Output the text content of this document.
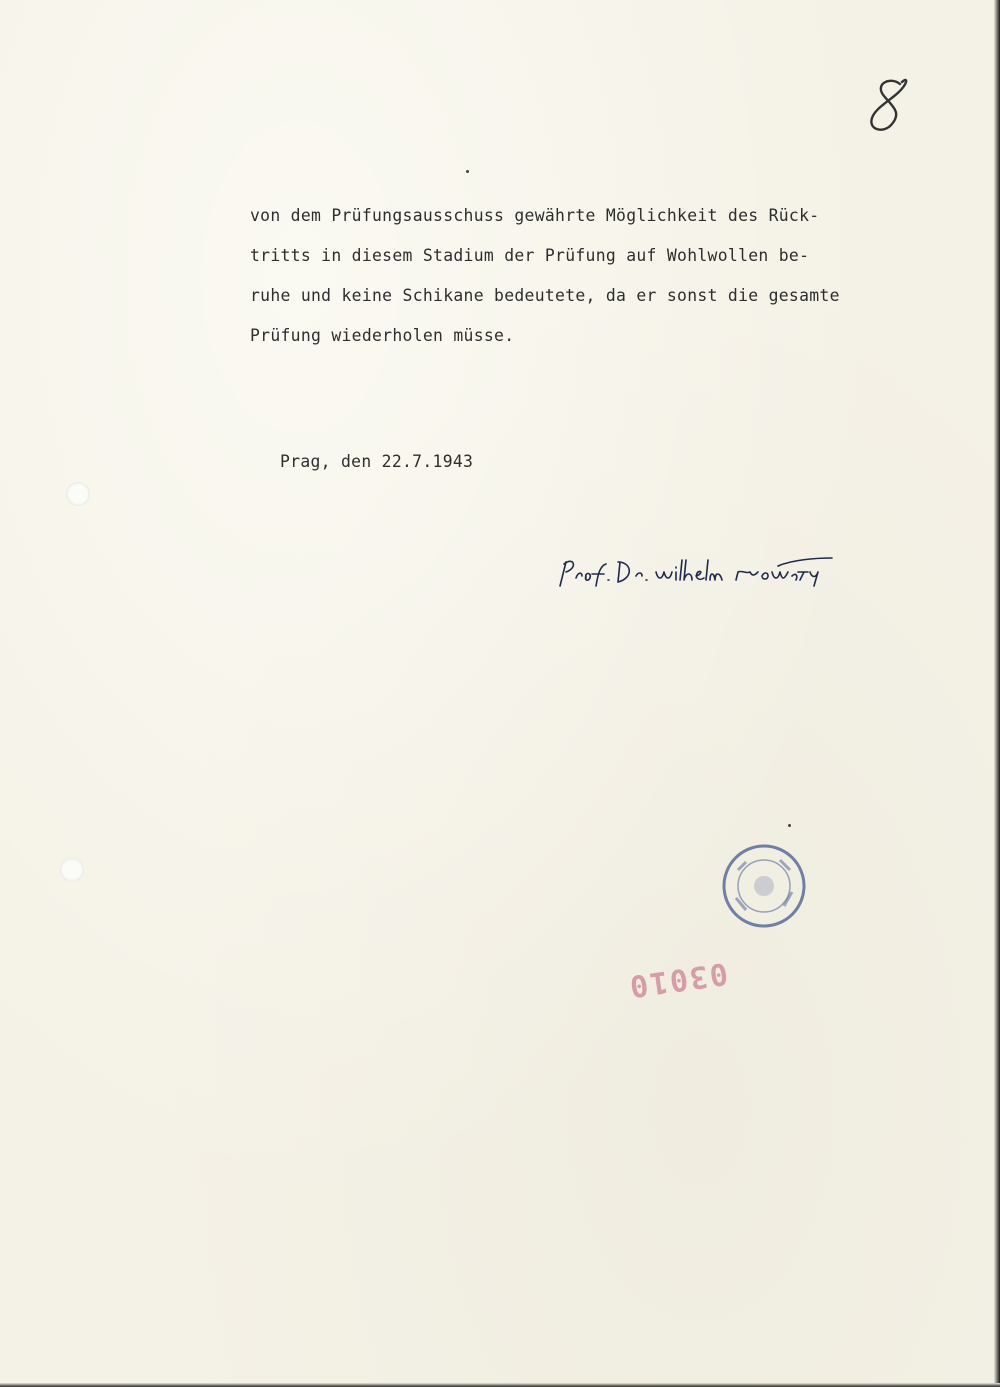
von dem Prüfungsausschuss gewährte Möglichkeit des Rück-
tritts in diesem Stadium der Prüfung auf Wohlwollen be-
ruhe und keine Schikane bedeutete, da er sonst die gesamte
Prüfung wiederholen müsse.

Prag, den 22.7.1943
03010
